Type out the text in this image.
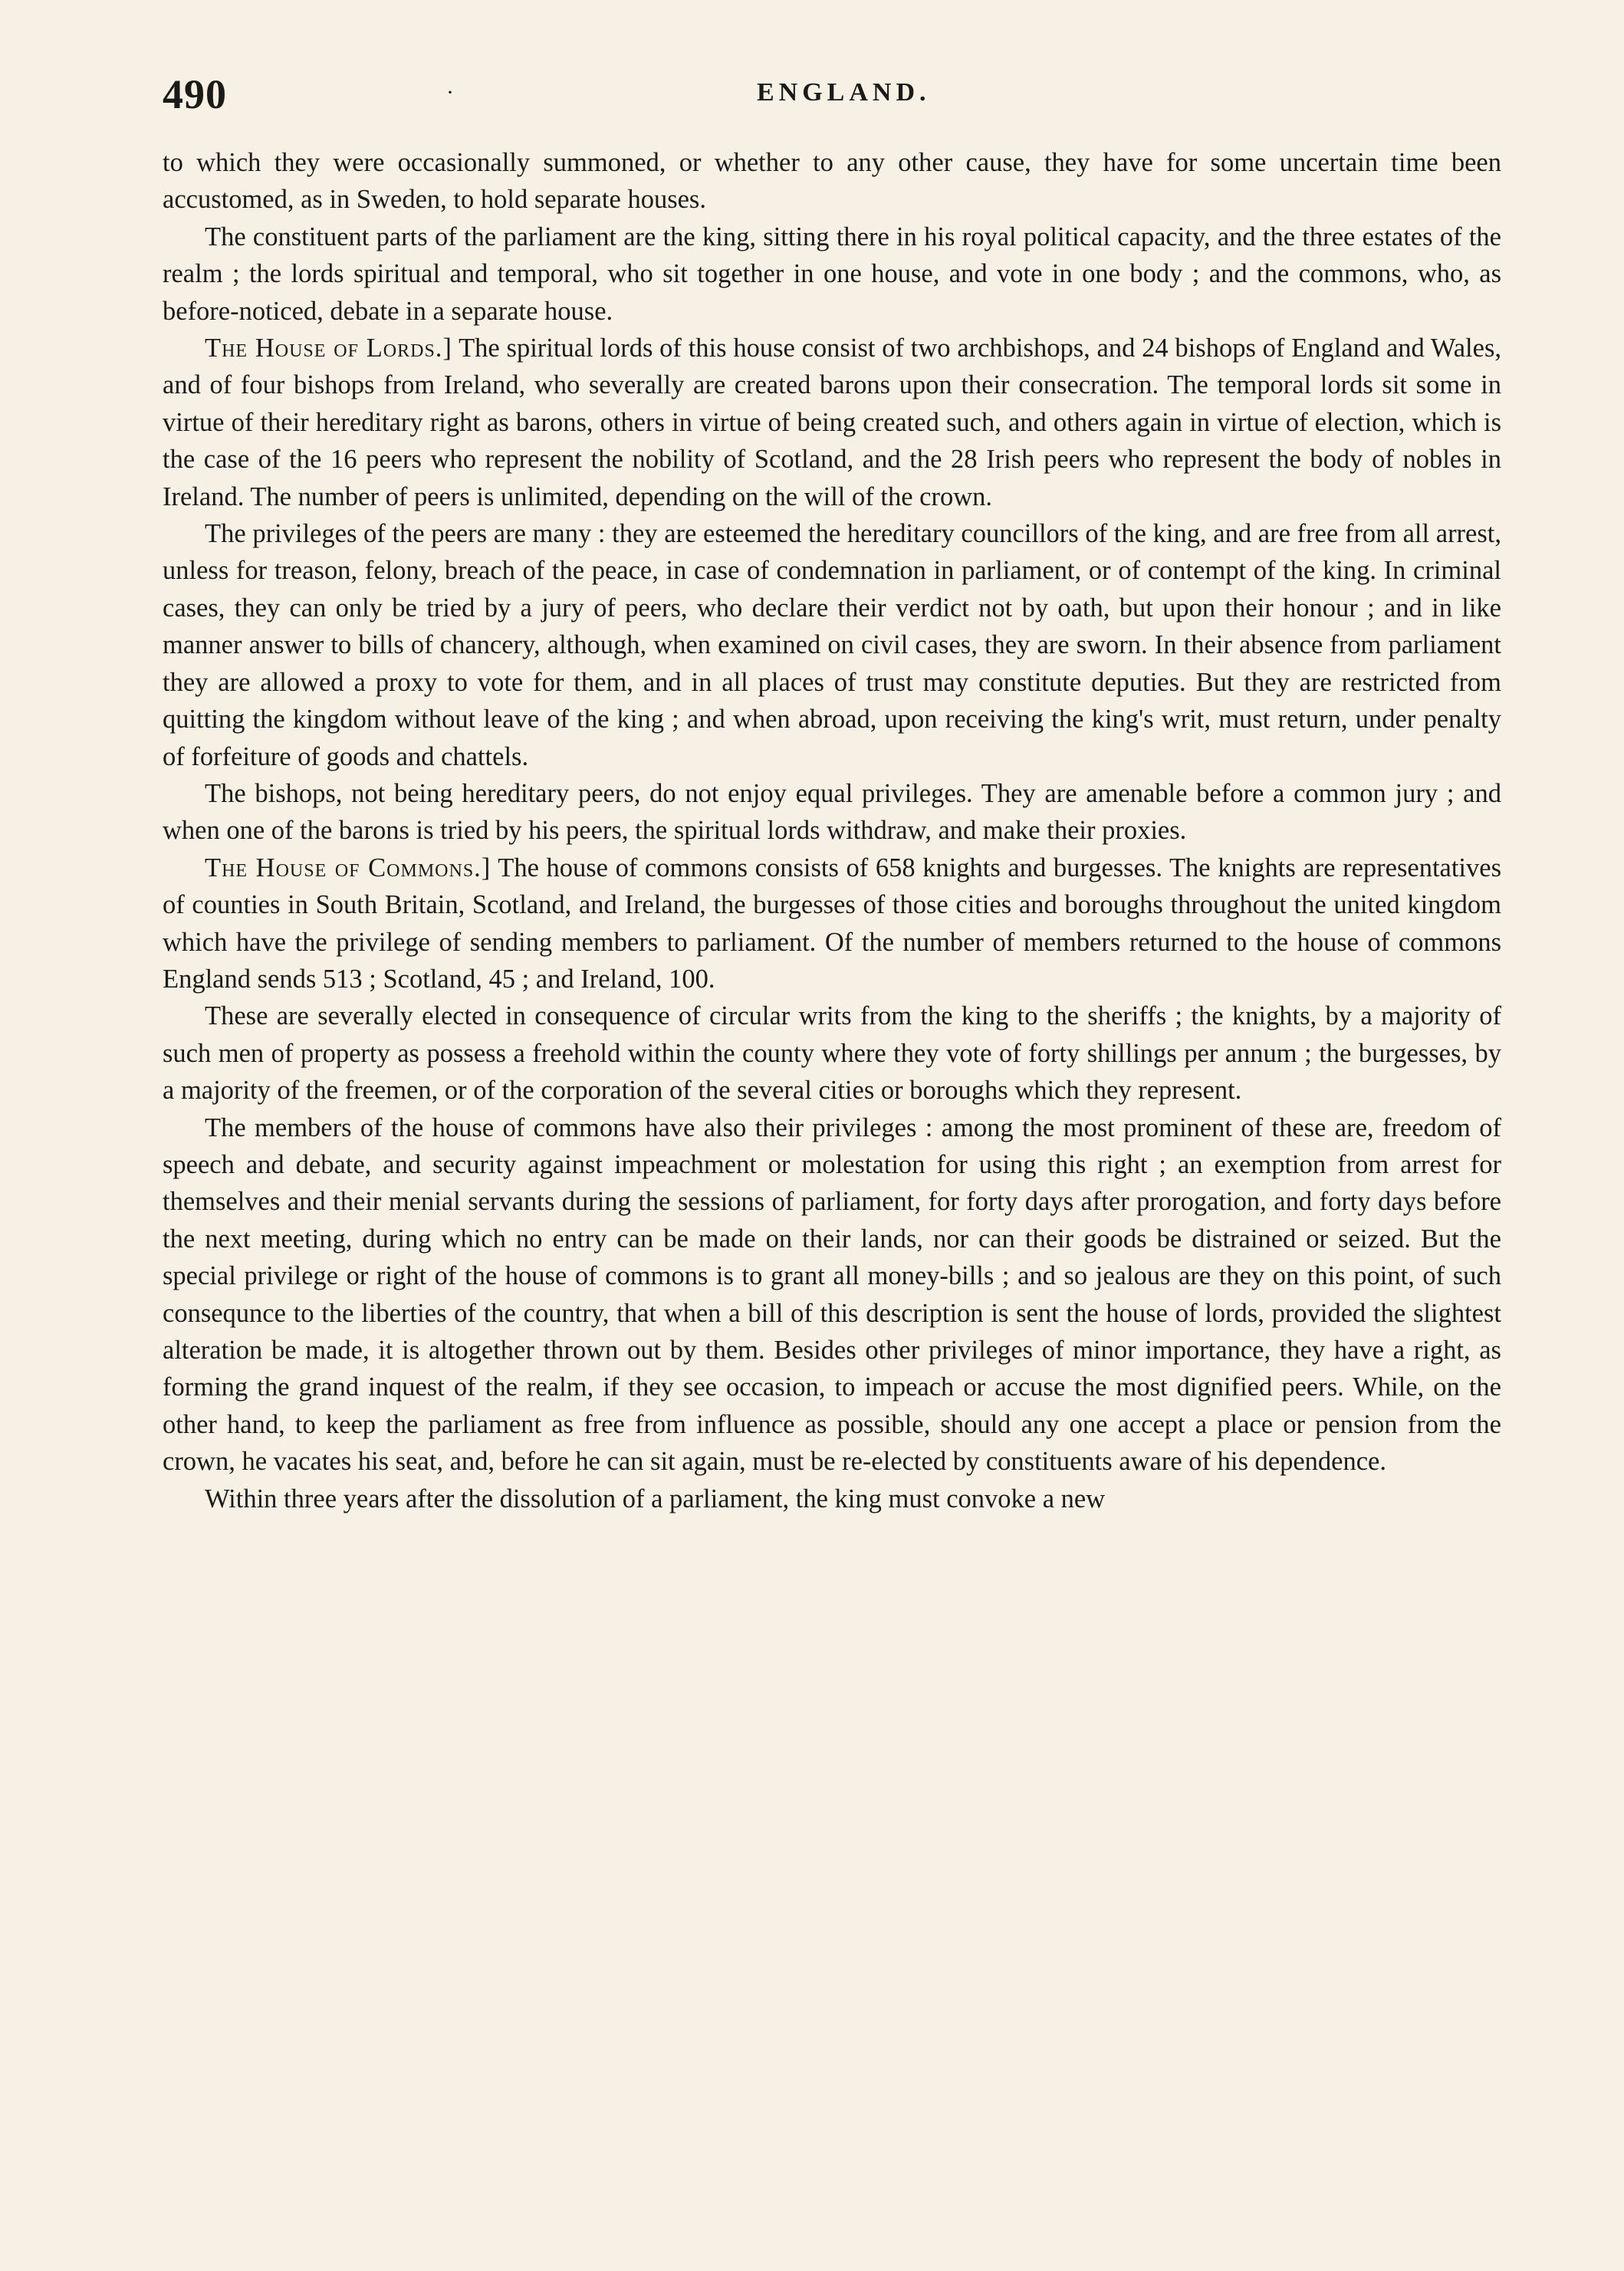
490	·	ENGLAND.

to which they were occasionally summoned, or whether to any other cause, they have for some uncertain time been accustomed, as in Sweden, to hold separate houses.

The constituent parts of the parliament are the king, sitting there in his royal political capacity, and the three estates of the realm ; the lords spiritual and temporal, who sit together in one house, and vote in one body ; and the commons, who, as before-noticed, debate in a separate house.

The House of Lords.] The spiritual lords of this house consist of two archbishops, and 24 bishops of England and Wales, and of four bishops from Ireland, who severally are created barons upon their consecration. The temporal lords sit some in virtue of their hereditary right as barons, others in virtue of being created such, and others again in virtue of election, which is the case of the 16 peers who represent the nobility of Scotland, and the 28 Irish peers who represent the body of nobles in Ireland. The number of peers is unlimited, depending on the will of the crown.

The privileges of the peers are many : they are esteemed the hereditary councillors of the king, and are free from all arrest, unless for treason, felony, breach of the peace, in case of condemnation in parliament, or of contempt of the king. In criminal cases, they can only be tried by a jury of peers, who declare their verdict not by oath, but upon their honour ; and in like manner answer to bills of chancery, although, when examined on civil cases, they are sworn. In their absence from parliament they are allowed a proxy to vote for them, and in all places of trust may constitute deputies. But they are restricted from quitting the kingdom without leave of the king ; and when abroad, upon receiving the king's writ, must return, under penalty of forfeiture of goods and chattels.

The bishops, not being hereditary peers, do not enjoy equal privileges. They are amenable before a common jury ; and when one of the barons is tried by his peers, the spiritual lords withdraw, and make their proxies.

The House of Commons.] The house of commons consists of 658 knights and burgesses. The knights are representatives of counties in South Britain, Scotland, and Ireland, the burgesses of those cities and boroughs throughout the united kingdom which have the privilege of sending members to parliament. Of the number of members returned to the house of commons England sends 513 ; Scotland, 45 ; and Ireland, 100.

These are severally elected in consequence of circular writs from the king to the sheriffs ; the knights, by a majority of such men of property as possess a freehold within the county where they vote of forty shillings per annum ; the burgesses, by a majority of the freemen, or of the corporation of the several cities or boroughs which they represent.

The members of the house of commons have also their privileges : among the most prominent of these are, freedom of speech and debate, and security against impeachment or molestation for using this right ; an exemption from arrest for themselves and their menial servants during the sessions of parliament, for forty days after prorogation, and forty days before the next meeting, during which no entry can be made on their lands, nor can their goods be distrained or seized. But the special privilege or right of the house of commons is to grant all money-bills ; and so jealous are they on this point, of such consequnce to the liberties of the country, that when a bill of this description is sent the house of lords, provided the slightest alteration be made, it is altogether thrown out by them. Besides other privileges of minor importance, they have a right, as forming the grand inquest of the realm, if they see occasion, to impeach or accuse the most dignified peers. While, on the other hand, to keep the parliament as free from influence as possible, should any one accept a place or pension from the crown, he vacates his seat, and, before he can sit again, must be re-elected by constituents aware of his dependence.

Within three years after the dissolution of a parliament, the king must convoke a new
